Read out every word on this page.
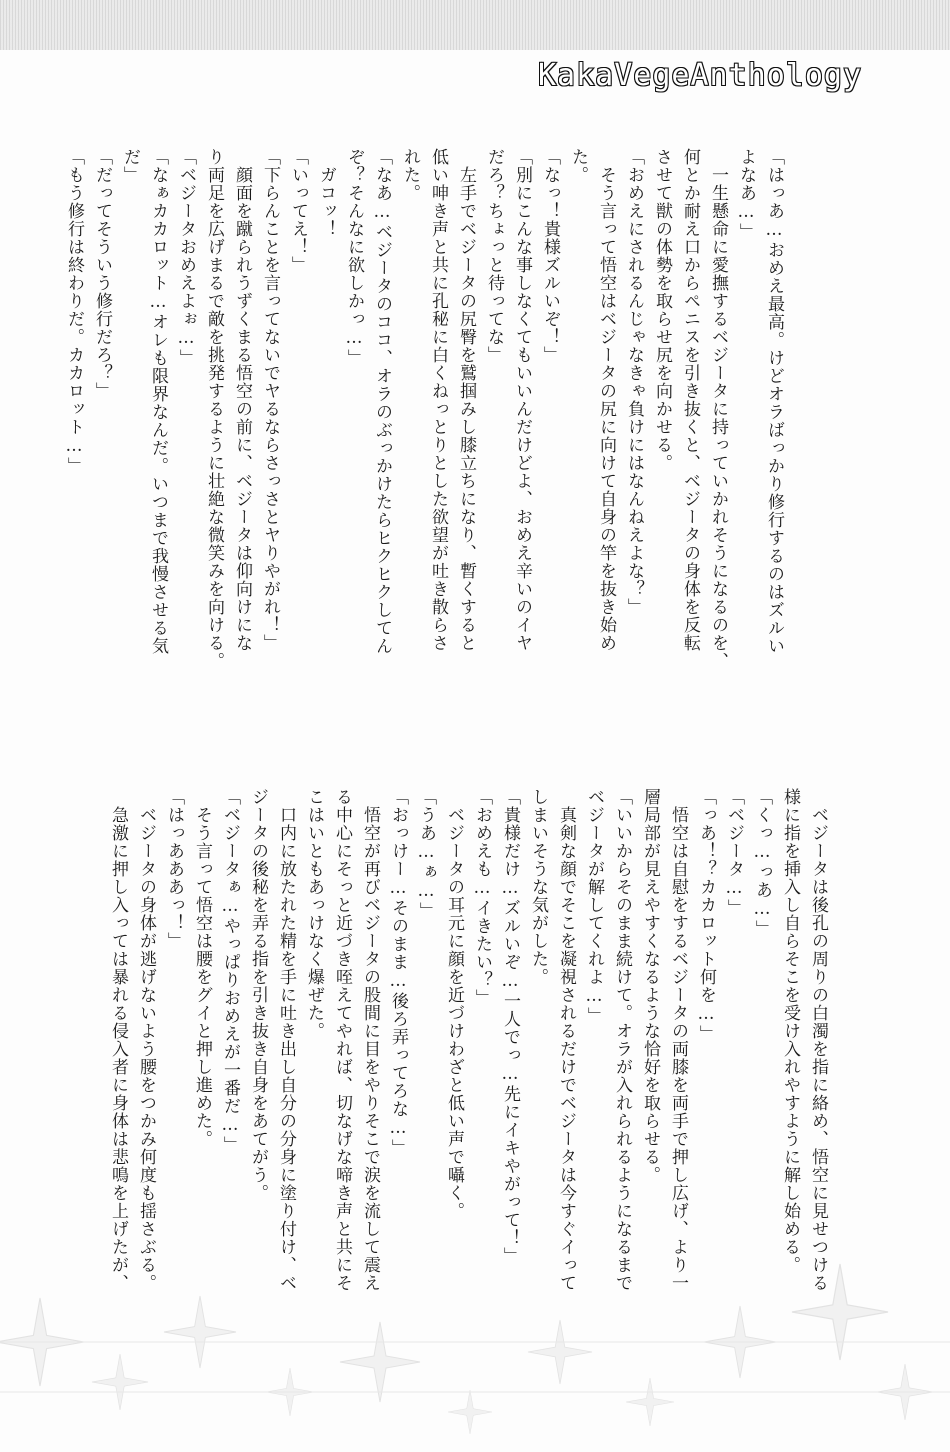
KakaVegeAnthology
「はっあ…おめえ最高。けどオラばっかり修行するのはズルい
よなあ…」
　一生懸命に愛撫するベジータに持っていかれそうになるのを、
何とか耐え口からペニスを引き抜くと、ベジータの身体を反転
させて獣の体勢を取らせ尻を向かせる。
「おめえにされるんじゃなきゃ負けにはなんねえよな？」
　そう言って悟空はベジータの尻に向けて自身の竿を抜き始め
た。
「なっ！貴様ズルいぞ！」
「別にこんな事しなくてもいいんだけどよ、おめえ辛いのイヤ
だろ？ちょっと待ってな」
　左手でベジータの尻臀を鷲掴みし膝立ちになり、暫くすると
低い呻き声と共に孔秘に白くねっとりとした欲望が吐き散らさ
れた。
「なあ…ベジータのココ、オラのぶっかけたらヒクヒクしてん
ぞ？そんなに欲しかっ…」
　ガコッ！
「いってえ！」
「下らんことを言ってないでヤるならさっさとヤりやがれ！」
　顔面を蹴られうずくまる悟空の前に、ベジータは仰向けにな
り両足を広げまるで敵を挑発するように壮絶な微笑みを向ける。
「ベジータおめえよぉ…」
「なぁカカロット…オレも限界なんだ。いつまで我慢させる気
だ」
「だってそういう修行だろ？」
「もう修行は終わりだ。カカロット…」
　ベジータは後孔の周りの白濁を指に絡め、悟空に見せつける
様に指を挿入し自らそこを受け入れやすように解し始める。
「くっ…っあ…」
「ベジータ…」
「っあ！？カカロット何を…」
　悟空は自慰をするベジータの両膝を両手で押し広げ、より一
層局部が見えやすくなるような恰好を取らせる。
「いいからそのまま続けて。オラが入れられるようになるまで
ベジータが解してくれよ…」
　真剣な顔でそこを凝視されるだけでベジータは今すぐイって
しまいそうな気がした。
「貴様だけ…ズルいぞ…一人でっ…先にイキやがって！」
「おめえも…イきたい？」
　ベジータの耳元に顔を近づけわざと低い声で囁く。
「うあ…ぁ…」
「おっけー…そのまま…後ろ弄ってろな…」
　悟空が再びベジータの股間に目をやりそこで涙を流して震え
る中心にそっと近づき咥えてやれば、切なげな啼き声と共にそ
こはいともあっけなく爆ぜた。
　口内に放たれた精を手に吐き出し自分の分身に塗り付け、ベ
ジータの後秘を弄る指を引き抜き自身をあてがう。
「ベジータぁ…やっぱりおめえが一番だ…」
　そう言って悟空は腰をグイと押し進めた。
「はっあああっ！」
　ベジータの身体が逃げないよう腰をつかみ何度も揺さぶる。
　急激に押し入っては暴れる侵入者に身体は悲鳴を上げたが、
